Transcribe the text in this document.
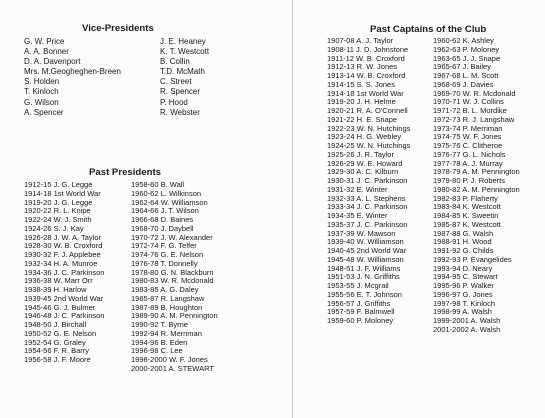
Vice-Presidents
G. W. Price
A. A. Bonner
D. A. Davenport
Mrs. M.Geogheghen-Breen
S. Holden
T. Kinloch
G. Wilson
A. Spencer
J. E. Heaney
K. T. Westcott
B. Collin
T.D. McMath
C. Street
R. Spencer
P. Hood
R. Webster
Past Presidents
1912-15 J. G. Legge
1914-18 1st World War
1919-20 J. G. Legge
1920-22 R. L. Knipe
1922-24 W. J. Smith
1924-26 S. J. Kay
1926-28 J. W. A. Taylor
1928-30 W. B. Croxford
1930-32 F. J. Applebee
1932-34 H. A. Munroe
1934-36 J. C. Parkinson
1936-38 W. Marr Orr
1938-39 H. Harlow
1939-45 2nd World War
1945-46 G. J. Bulmer
1946-48 J. C. Parkinson
1948-50 J. Birchall
1950-52 G. E. Nelson
1952-54 G. Graley
1954-56 F. R. Barry
1956-58 J. F. Moore
1958-60 B. Wall
1960-62 L. Wilkinson
1962-64 W. Williamson
1964-66 J. T. Wilson
1966-68 D. Baines
1968-70 J. Daybell
1970-72 J. W. Alexander
1972-74 F. G. Telfer
1974-76 G. E. Nelson
1976-78 T. Donnelly
1978-80 G. N. Blackburn
1980-83 W. R. Mcdonald
1983-85 A. G. Daley
1985-87 R. Langshaw
1987-89 B. Houghton
1989-90 A. M. Pennington
1990-92 T. Byrne
1992-94 R. Merriman
1994-96 B. Eden
1996-98 C. Lee
1998-2000 W. F. Jones
2000-2001 A. STEWART
Past Captains of the Club
1907-08 A. J. Taylor
1908-11 J. D. Johnstone
1911-12 W. B. Croxford
1912-13 R. W. Jones
1913-14 W. B. Croxford
1914-15 S. S. Jones
1914-18 1st World War
1919-20 J. H. Helme
1920-21 R. A. O'Connell
1921-22 H. E. Snape
1922-23 W. N. Hutchings
1923-24 H. G. Webley
1924-25 W. N. Hutchings
1925-26 J. R. Taylor
1926-29 W. E. Howard
1929-30 A. C. Kilburn
1930-31 J. C. Parkinson
1931-32 E. Winter
1932-33 A. L. Stephens
1933-34 J. C. Parkinson
1934-35 E. Winter
1935-37 J. C. Parkinson
1937-39 W. Mawson
1939-40 W. Williamson
1940-45 2nd World War
1945-48 W. Williamson
1948-51 J. F. Williams
1951-53 J. N. Griffiths
1953-55 J. Mcgrail
1955-56 E. T. Johnson
1956-57 J. Griffiths
1957-59 F. Balmwell
1959-60 P. Moloney
1960-62 K. Ashley
1962-63 P. Moloney
1963-65 J. J. Snape
1965-67 J. Bailey
1967-68 L. M. Scott
1968-69 J. Davies
1969-70 W. R. Mcdonald
1970-71 W. J. Collins
1971-72 B. L. Mordike
1972-73 R. J. Langshaw
1973-74 P. Merriman
1974-75 W. F. Jones
1975-76 C. Clitheroe
1976-77 G. L. Nichols
1977-78 A. J. Murray
1978-79 A. M. Pennington
1979-80 P. J. Roberts
1980-82 A. M. Pennington
1982-83 P. Flaherty
1983-84 K. Westcott
1984-85 K. Sweetin
1985-87 K. Westcott
1987-88 G. Walsh
1988-91 H. Wood
1991-92 G. Childs
1992-93 P. Evangelides
1993-94 D. Neary
1994-95 C. Stewart
1995-96 P. Walker
1996-97 G. Jones
1997-98 T. Kinloch
1998-99 A. Walsh
1999-2001 A. Walsh
2001-2002 A. Walsh
